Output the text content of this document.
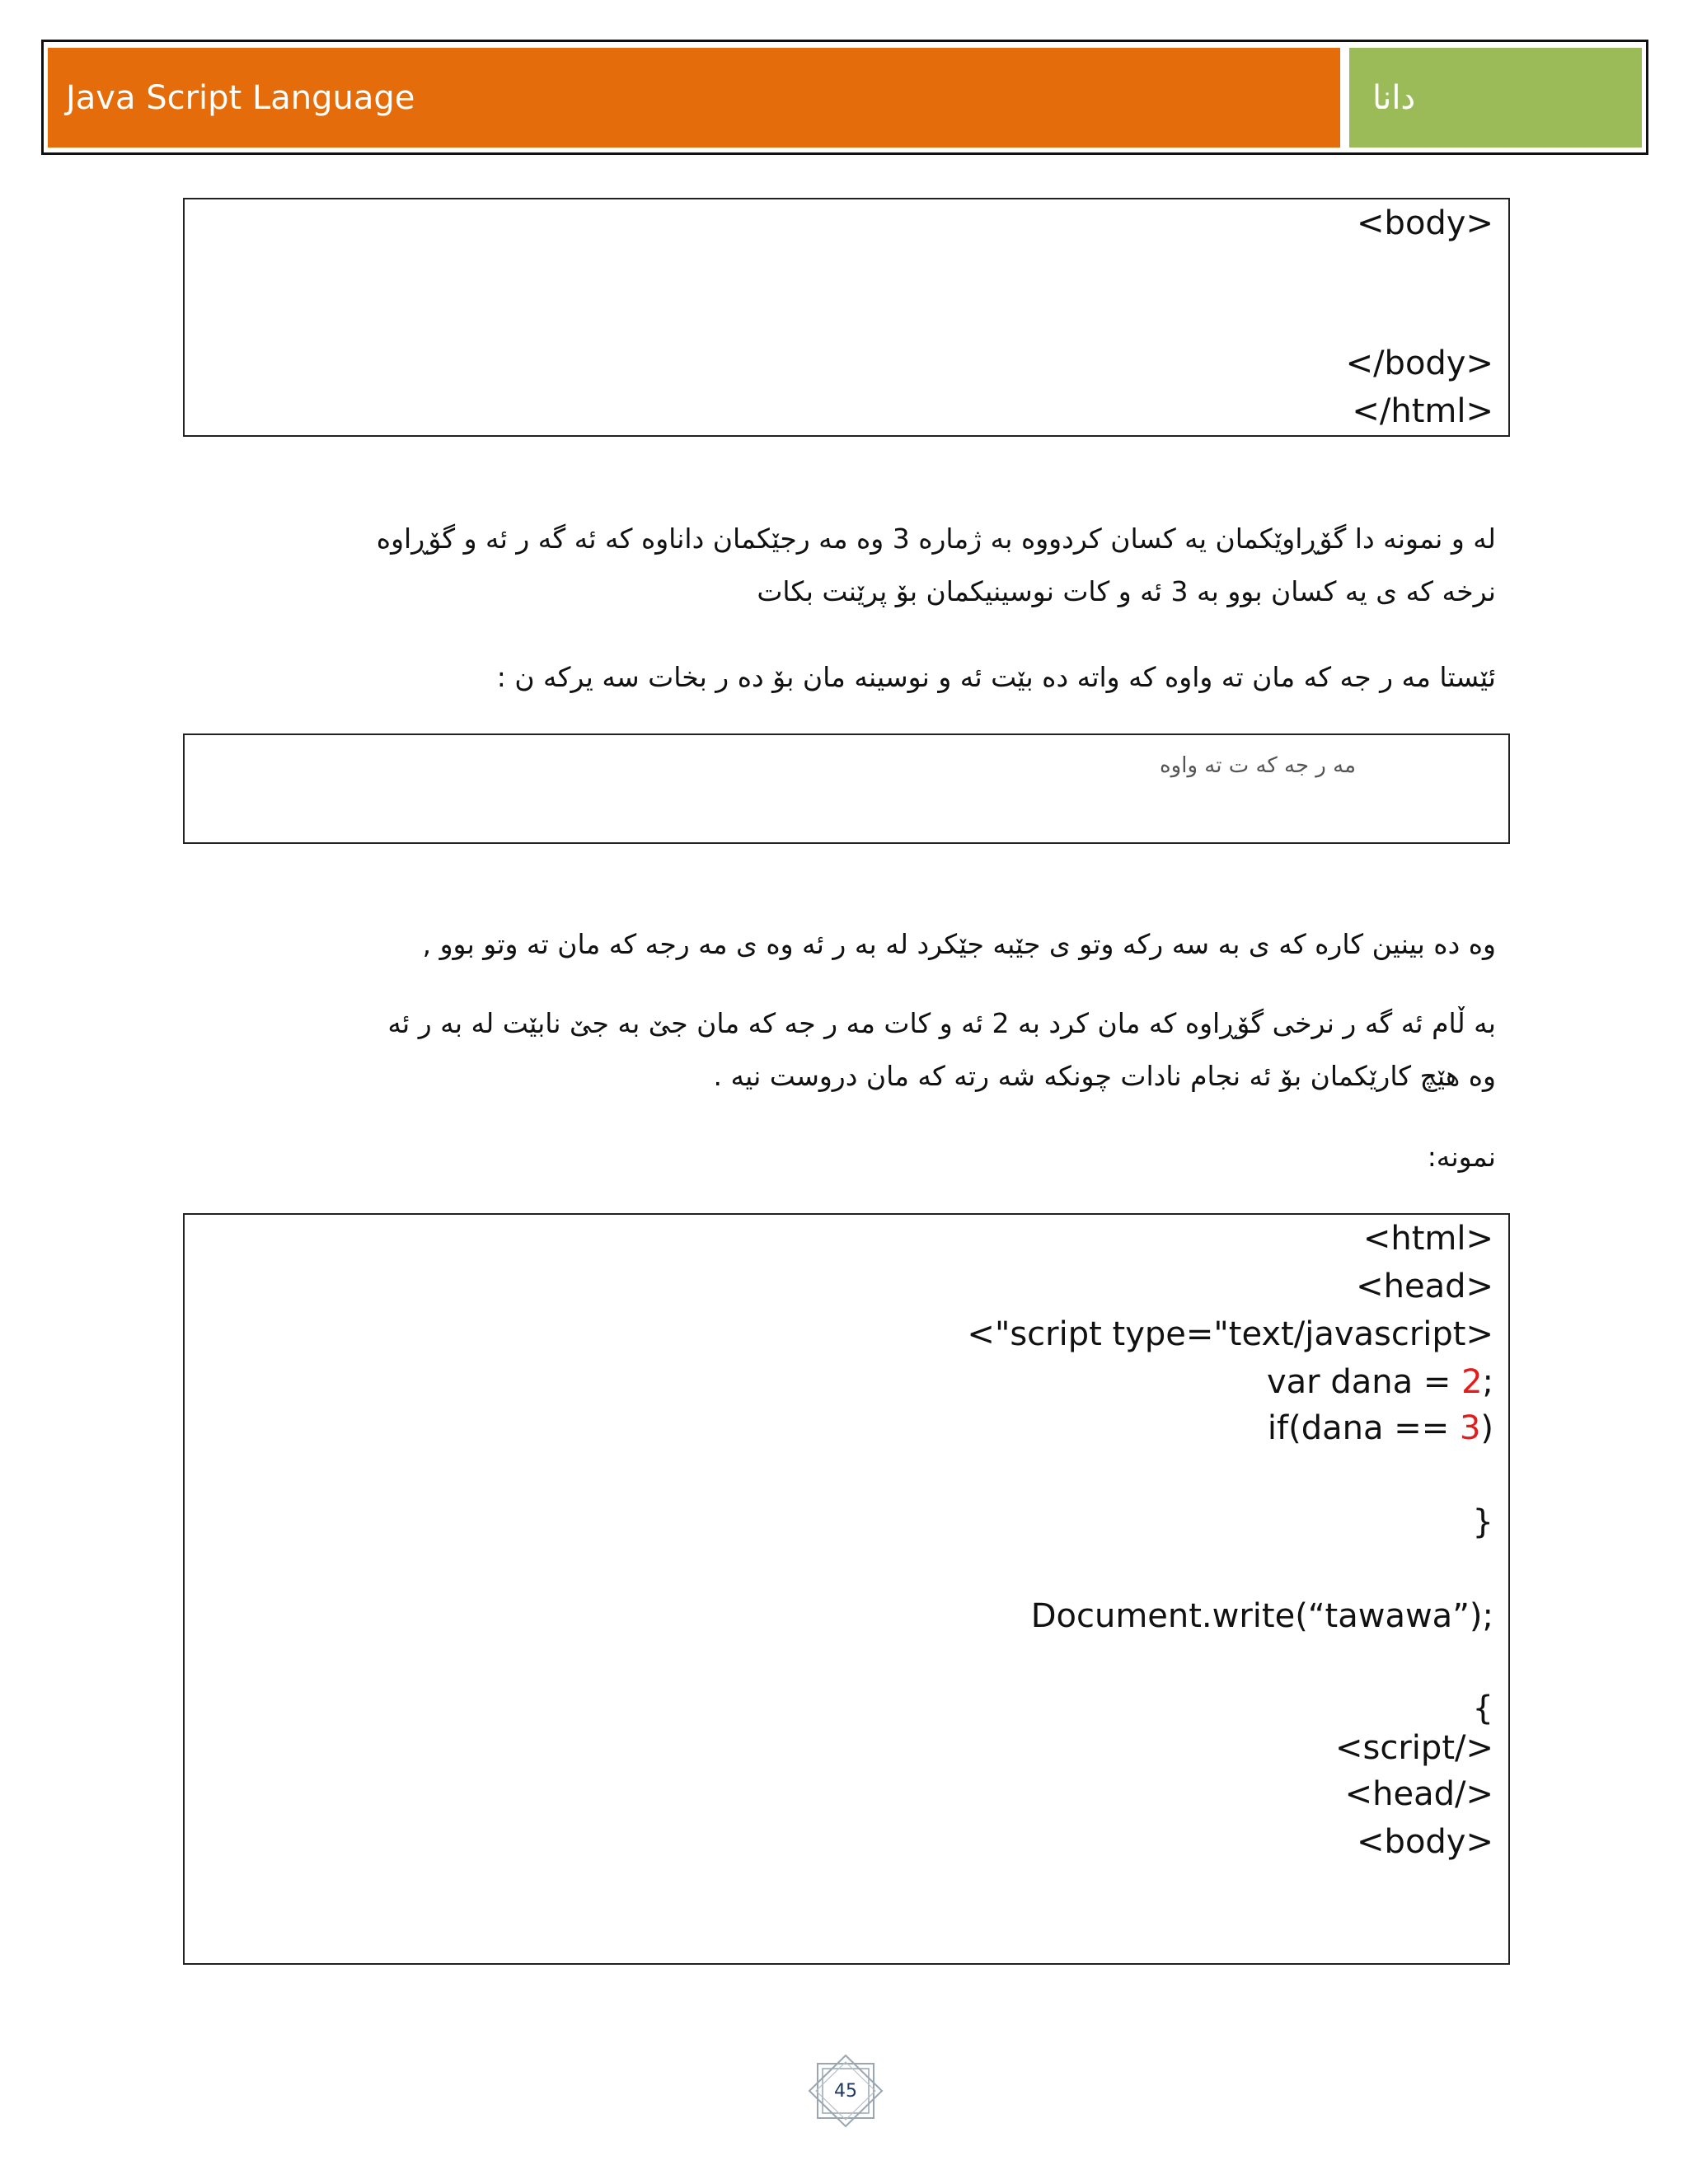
Java Script Language	دانا
<body>
</body>
</html>
له و نمونه دا گۆڕاوێكمان يه كسان كردووه به ژماره 3 وه مه رجێكمان داناوه كه ئه گه ر ئه و گۆڕاوه
نرخه كه ی يه كسان بوو به 3 ئه و كات نوسينيكمان بۆ پرێنت بكات
ئێستا مه ر جه كه مان ته واوه كه واته ده بێت ئه و نوسينه مان بۆ ده ر بخات سه يركه ن :
مه ر جه كه ت ته واوه
وه ده بينين كاره كه ی به سه ركه وتو ی جێبه جێكرد له به ر ئه وه ی مه رجه كه مان ته وتو بوو ,
به ڵام ئه گه ر نرخی گۆڕاوه كه مان كرد به 2 ئه و كات مه ر جه كه مان جێ به جێ نابێت له به ر ئه
وه هێچ كارێكمان بۆ ئه نجام نادات چونكه شه رته كه مان دروست نيه .
نمونه:
<html>
<head>
<"script type="text/javascript>
var dana = 2;
if(dana == 3)
}
Document.write(“tawawa”);
{
<script/>
<head/>
<body>
45
